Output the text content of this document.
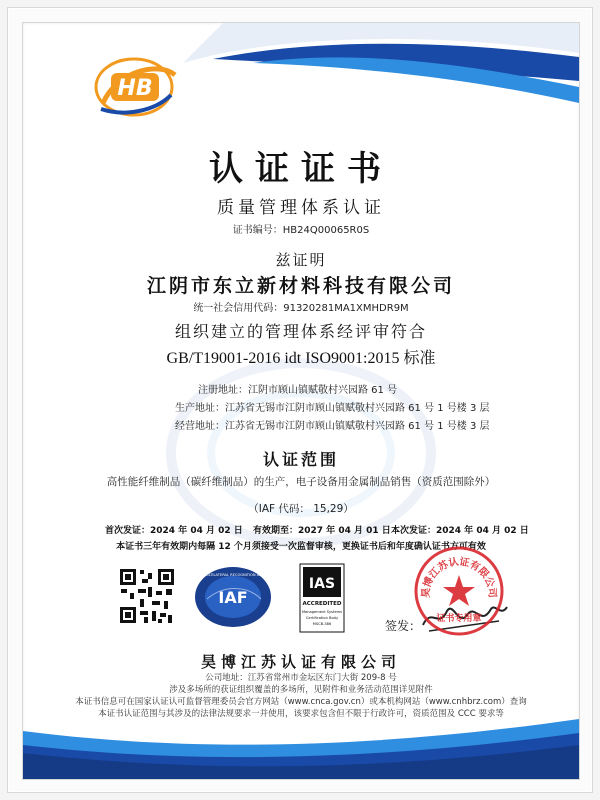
HB
认证证书
质量管理体系认证
证书编号：HB24Q00065R0S
兹证明
江阴市东立新材料科技有限公司
统一社会信用代码：91320281MA1XMHDR9M
组织建立的管理体系经评审符合
GB/T19001-2016 idt ISO9001:2015 标准
注册地址：江阴市顾山镇赋敬村兴园路 61 号
生产地址：江苏省无锡市江阴市顾山镇赋敬村兴园路 61 号 1 号楼 3 层
经营地址：江苏省无锡市江阴市顾山镇赋敬村兴园路 61 号 1 号楼 3 层
认证范围
高性能纤维制品（碳纤维制品）的生产，电子设备用金属制品销售（资质范围除外）
（IAF 代码： 15,29）
首次发证：2024 年 04 月 02 日 有效期至：2027 年 04 月 01 日 本次发证：2024 年 04 月 02 日
本证书三年有效期内每隔 12 个月须接受一次监督审核，更换证书后和年度确认证书方可有效
IAF
MEMBER of MULTILATERAL RECOGNITION ARRANGEMENT
IAS
ACCREDITED
Management Systems
Certification Body
MSCB-386	签发：
昊博江苏认证有限公司
证书专用章
昊博江苏认证有限公司
公司地址：江苏省常州市金坛区东门大街 209-8 号
涉及多场所的获证组织覆盖的多场所，见附件和业务活动范围详见附件
本证书信息可在国家认证认可监督管理委员会官方网站（www.cnca.gov.cn）或本机构网站（www.cnhbrz.com）查询
本证书认证范围与其涉及的法律法规要求一并使用，该要求包含但不限于行政许可，资质范围及 CCC 要求等
